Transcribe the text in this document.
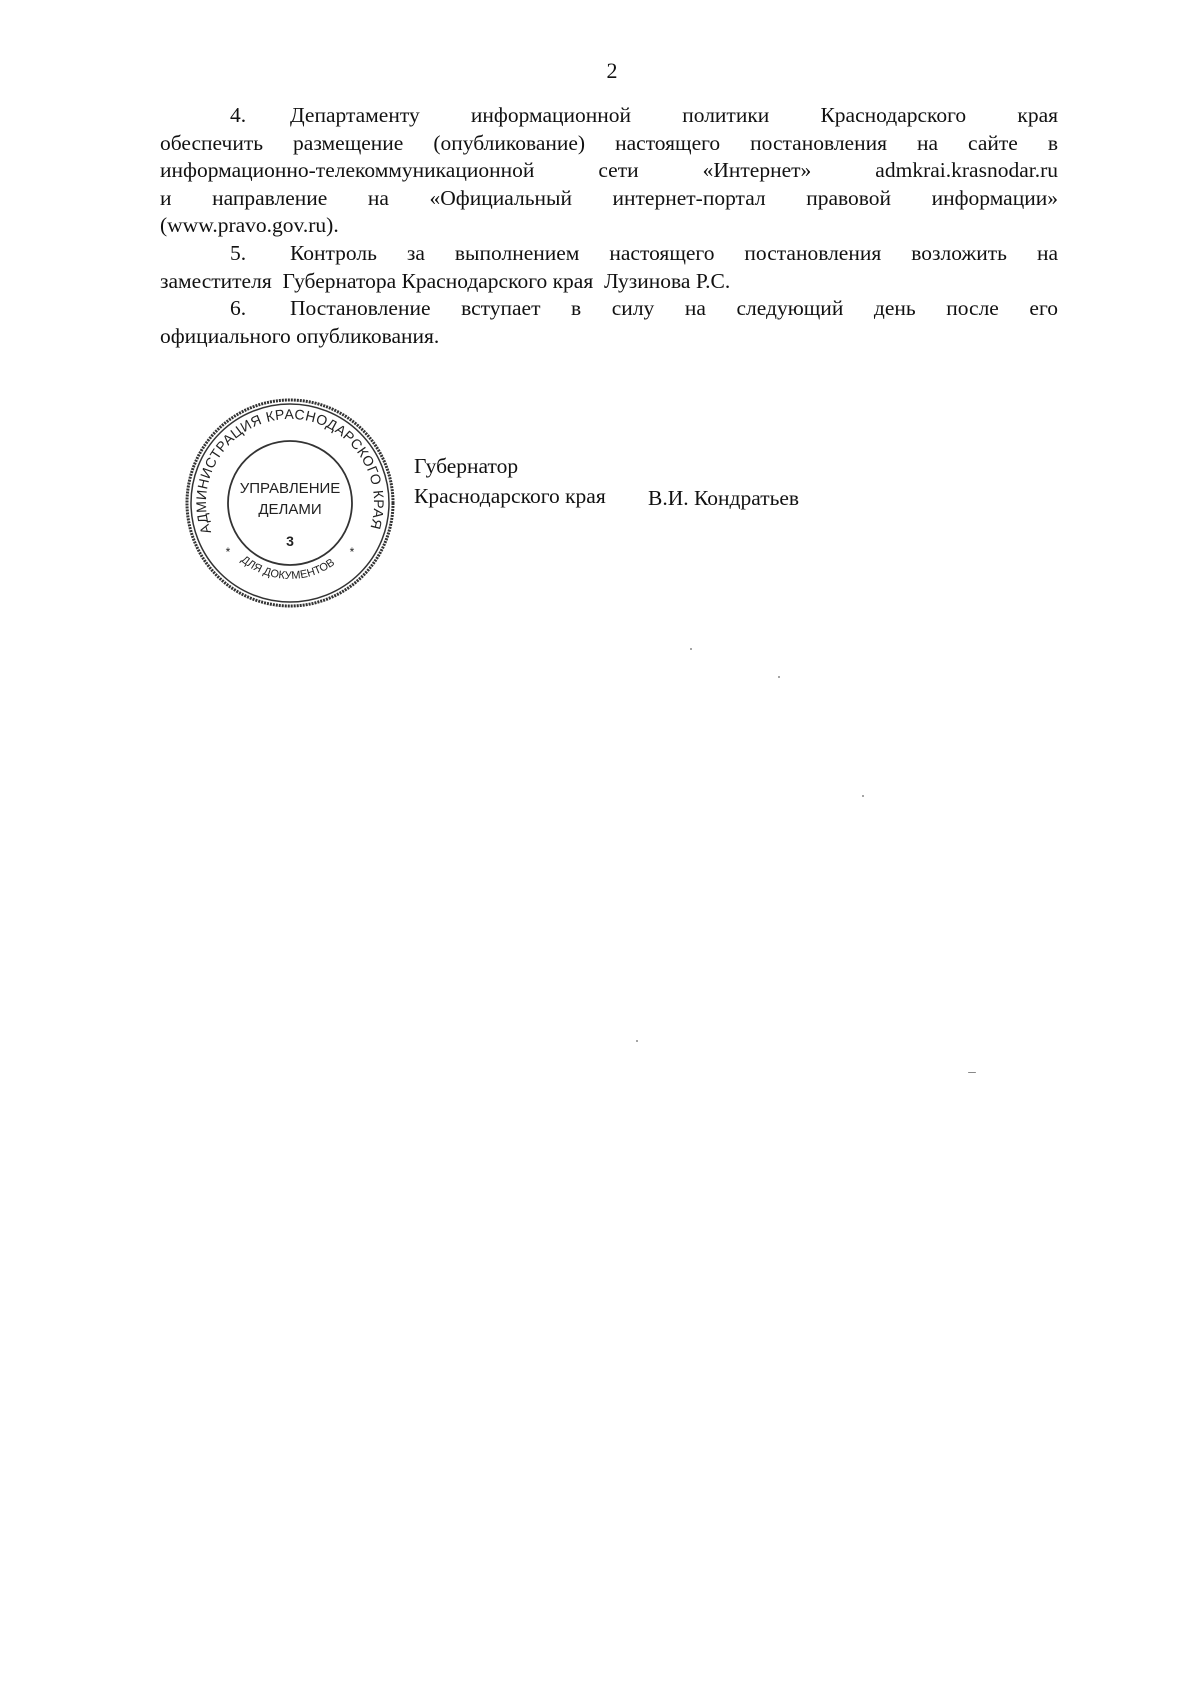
2
4.	Департаменту информационной политики Краснодарского края
обеспечить размещение (опубликование) настоящего постановления на сайте в
информационно-телекоммуникационной сети «Интернет» admkrai.krasnodar.ru
и направление на «Официальный интернет-портал правовой информации»
(www.pravo.gov.ru).
5.	Контроль за выполнением настоящего постановления возложить на
заместителя  Губернатора Краснодарского края  Лузинова Р.С.
6.	Постановление вступает в силу на следующий день после его
официального опубликования.
АДМИНИСТРАЦИЯ КРАСНОДАРСКОГО КРАЯ
ДЛЯ ДОКУМЕНТОВ
*	*
УПРАВЛЕНИЕ
ДЕЛАМИ
3
Губернатор
Краснодарского края В.И. Кондратьев
